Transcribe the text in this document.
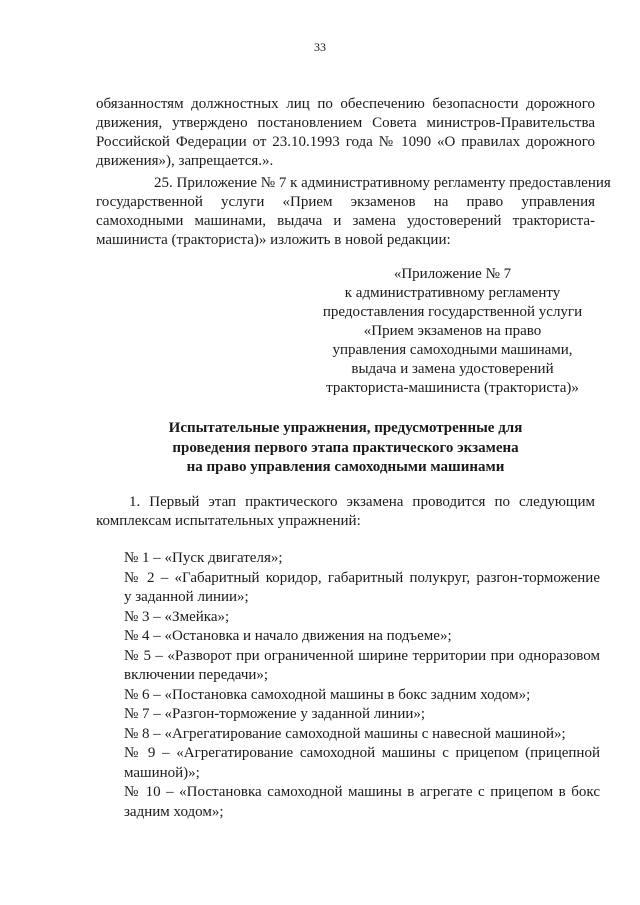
33
обязанностям должностных лиц по обеспечению безопасности дорожного
движения, утверждено постановлением Совета министров-Правительства
Российской Федерации от 23.10.1993 года № 1090 «О правилах дорожного
движения»), запрещается.».
25. Приложение № 7 к административному регламенту предоставления
государственной услуги «Прием экзаменов на право управления
самоходными машинами, выдача и замена удостоверений тракториста-
машиниста (тракториста)» изложить в новой редакции:
«Приложение № 7
к административному регламенту
предоставления государственной услуги
«Прием экзаменов на право
управления самоходными машинами,
выдача и замена удостоверений
тракториста-машиниста (тракториста)»
Испытательные упражнения, предусмотренные для
проведения первого этапа практического экзамена
на право управления самоходными машинами
1. Первый этап практического экзамена проводится по следующим
комплексам испытательных упражнений:
№ 1 – «Пуск двигателя»;
№ 2 – «Габаритный коридор, габаритный полукруг, разгон-торможение
у заданной линии»;
№ 3 – «Змейка»;
№ 4 – «Остановка и начало движения на подъеме»;
№ 5 – «Разворот при ограниченной ширине территории при одноразовом
включении передачи»;
№ 6 – «Постановка самоходной машины в бокс задним ходом»;
№ 7 – «Разгон-торможение у заданной линии»;
№ 8 – «Агрегатирование самоходной машины с навесной машиной»;
№ 9 – «Агрегатирование самоходной машины с прицепом (прицепной
машиной)»;
№ 10 – «Постановка самоходной машины в агрегате с прицепом в бокс
задним ходом»;
